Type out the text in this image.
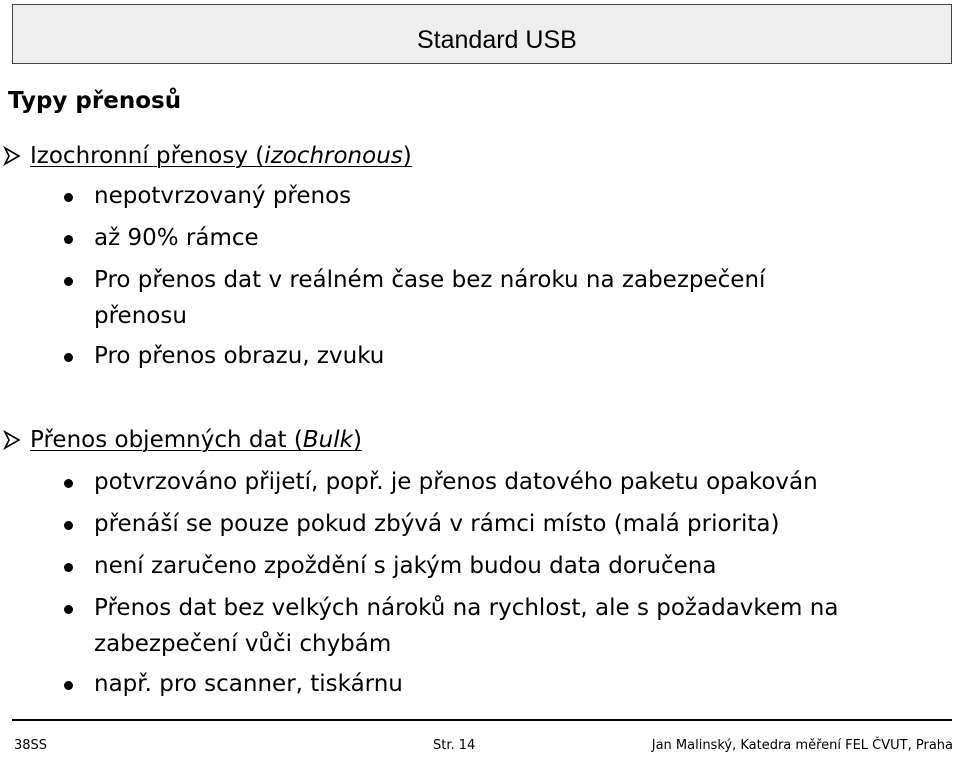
Standard USB
Typy přenosů
Izochronní přenosy (izochronous)
nepotvrzovaný přenos
až 90% rámce
Pro přenos dat v reálném čase bez nároku na zabezpečení přenosu
Pro přenos obrazu, zvuku
Přenos objemných dat (Bulk)
potvrzováno přijetí, popř. je přenos datového paketu opakován
přenáší se pouze pokud zbývá v rámci místo (malá priorita)
není zaručeno zpoždění s jakým budou data doručena
Přenos dat bez velkých nároků na rychlost, ale s požadavkem na zabezpečení vůči chybám
např. pro scanner, tiskárnu
38SS	Str. 14	Jan Malinský, Katedra měření FEL ČVUT, Praha
